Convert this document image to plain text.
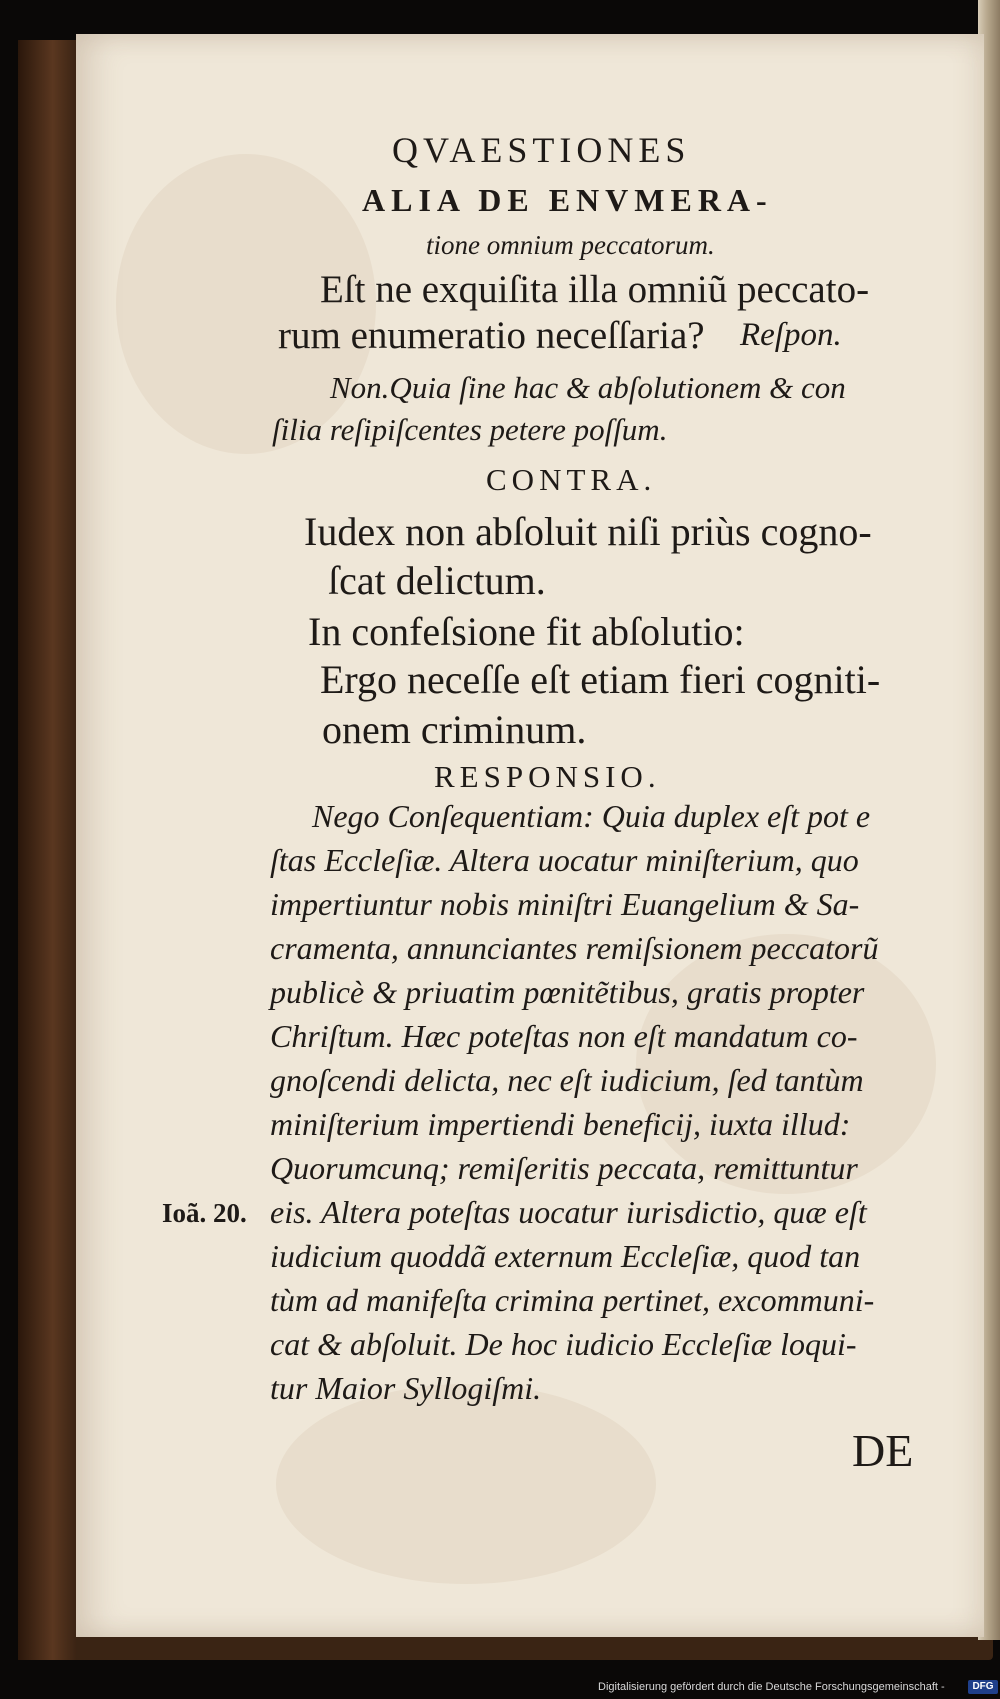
QVAESTIONES
ALIA DE ENVMERA-
tione omnium peccatorum.
Eſt ne exquiſita illa omniũ peccato-
rum enumeratio neceſſaria? Reſpon.
Non.Quia ſine hac & abſolutionem & con
ſilia reſipiſcentes petere poſſum.
CONTRA.
Iudex non abſoluit niſi priùs cogno-
ſcat delictum.
In confeſsione fit abſolutio:
Ergo neceſſe eſt etiam fieri cogniti-
onem criminum.
RESPONSIO.
Nego Conſequentiam: Quia duplex eſt pot e
ſtas Eccleſiæ. Altera uocatur miniſterium, quo
impertiuntur nobis miniſtri Euangelium & Sa-
cramenta, annunciantes remiſsionem peccatorũ
publicè & priuatim pœnitẽtibus, gratis propter
Chriſtum. Hæc poteſtas non eſt mandatum co-
gnoſcendi delicta, nec eſt iudicium, ſed tantùm
miniſterium impertiendi beneficij, iuxta illud:
Quorumcunq; remiſeritis peccata, remittuntur
eis. Altera poteſtas uocatur iurisdictio, quæ eſt
iudicium quoddã externum Eccleſiæ, quod tan
tùm ad manifeſta crimina pertinet, excommuni-
cat & abſoluit. De hoc iudicio Eccleſiæ loqui-
tur Maior Syllogiſmi.
Ioã. 20.
DE
Digitalisierung gefördert durch die Deutsche Forschungsgemeinschaft -	DFG
